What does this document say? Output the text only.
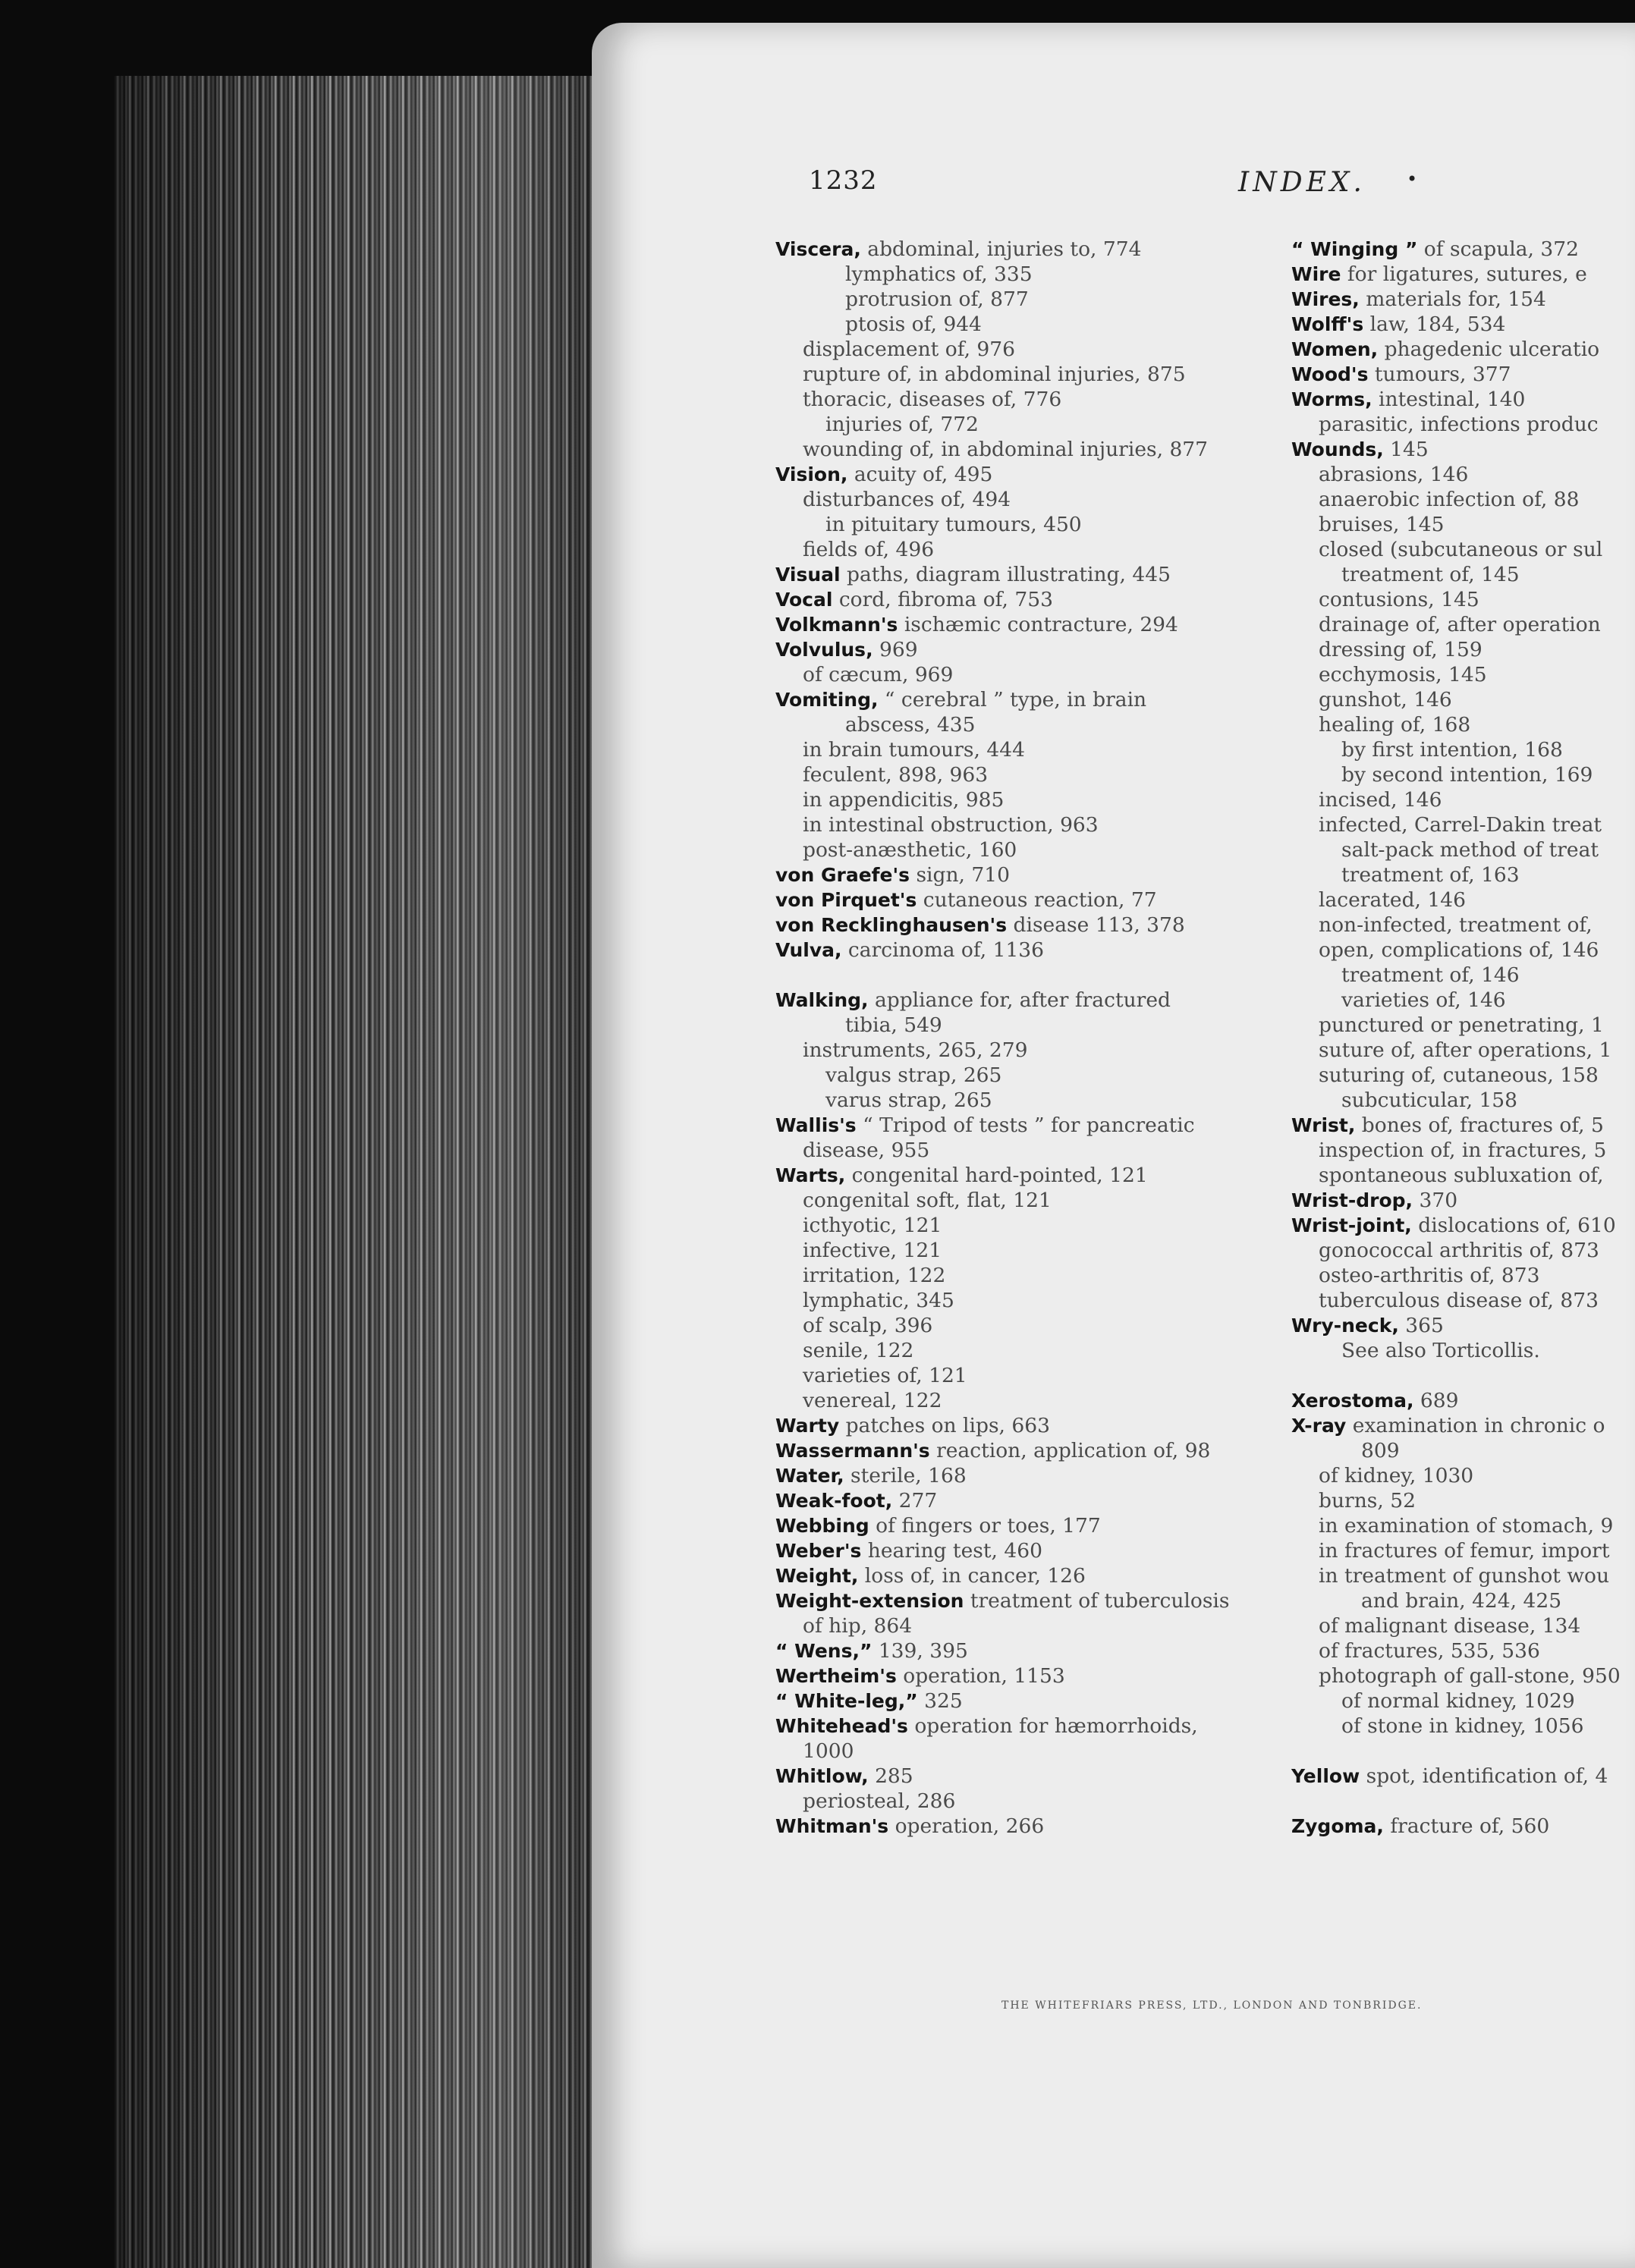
1232	INDEX. •
Viscera, abdominal, injuries to, 774
lymphatics of, 335
protrusion of, 877
ptosis of, 944
displacement of, 976
rupture of, in abdominal injuries, 875
thoracic, diseases of, 776
injuries of, 772
wounding of, in abdominal injuries, 877
Vision, acuity of, 495
disturbances of, 494
in pituitary tumours, 450
fields of, 496
Visual paths, diagram illustrating, 445
Vocal cord, fibroma of, 753
Volkmann's ischæmic contracture, 294
Volvulus, 969
of cæcum, 969
Vomiting, “ cerebral ” type, in brain
abscess, 435
in brain tumours, 444
feculent, 898, 963
in appendicitis, 985
in intestinal obstruction, 963
post-anæsthetic, 160
von Graefe's sign, 710
von Pirquet's cutaneous reaction, 77
von Recklinghausen's disease 113, 378
Vulva, carcinoma of, 1136
Walking, appliance for, after fractured
tibia, 549
instruments, 265, 279
valgus strap, 265
varus strap, 265
Wallis's “ Tripod of tests ” for pancreatic
disease, 955
Warts, congenital hard-pointed, 121
congenital soft, flat, 121
icthyotic, 121
infective, 121
irritation, 122
lymphatic, 345
of scalp, 396
senile, 122
varieties of, 121
venereal, 122
Warty patches on lips, 663
Wassermann's reaction, application of, 98
Water, sterile, 168
Weak-foot, 277
Webbing of fingers or toes, 177
Weber's hearing test, 460
Weight, loss of, in cancer, 126
Weight-extension treatment of tuberculosis
of hip, 864
“ Wens,” 139, 395
Wertheim's operation, 1153
“ White-leg,” 325
Whitehead's operation for hæmorrhoids,
1000
Whitlow, 285
periosteal, 286
Whitman's operation, 266
“ Winging ” of scapula, 372
Wire for ligatures, sutures, e
Wires, materials for, 154
Wolff's law, 184, 534
Women, phagedenic ulceratio
Wood's tumours, 377
Worms, intestinal, 140
parasitic, infections produc
Wounds, 145
abrasions, 146
anaerobic infection of, 88
bruises, 145
closed (subcutaneous or sul
treatment of, 145
contusions, 145
drainage of, after operation
dressing of, 159
ecchymosis, 145
gunshot, 146
healing of, 168
by first intention, 168
by second intention, 169
incised, 146
infected, Carrel-Dakin treat
salt-pack method of treat
treatment of, 163
lacerated, 146
non-infected, treatment of,
open, complications of, 146
treatment of, 146
varieties of, 146
punctured or penetrating, 1
suture of, after operations, 1
suturing of, cutaneous, 158
subcuticular, 158
Wrist, bones of, fractures of, 5
inspection of, in fractures, 5
spontaneous subluxation of,
Wrist-drop, 370
Wrist-joint, dislocations of, 610
gonococcal arthritis of, 873
osteo-arthritis of, 873
tuberculous disease of, 873
Wry-neck, 365
See also Torticollis.
Xerostoma, 689
X-ray examination in chronic o
809
of kidney, 1030
burns, 52
in examination of stomach, 9
in fractures of femur, import
in treatment of gunshot wou
and brain, 424, 425
of malignant disease, 134
of fractures, 535, 536
photograph of gall-stone, 950
of normal kidney, 1029
of stone in kidney, 1056
Yellow spot, identification of, 4
Zygoma, fracture of, 560
THE WHITEFRIARS PRESS, LTD., LONDON AND TONBRIDGE.
